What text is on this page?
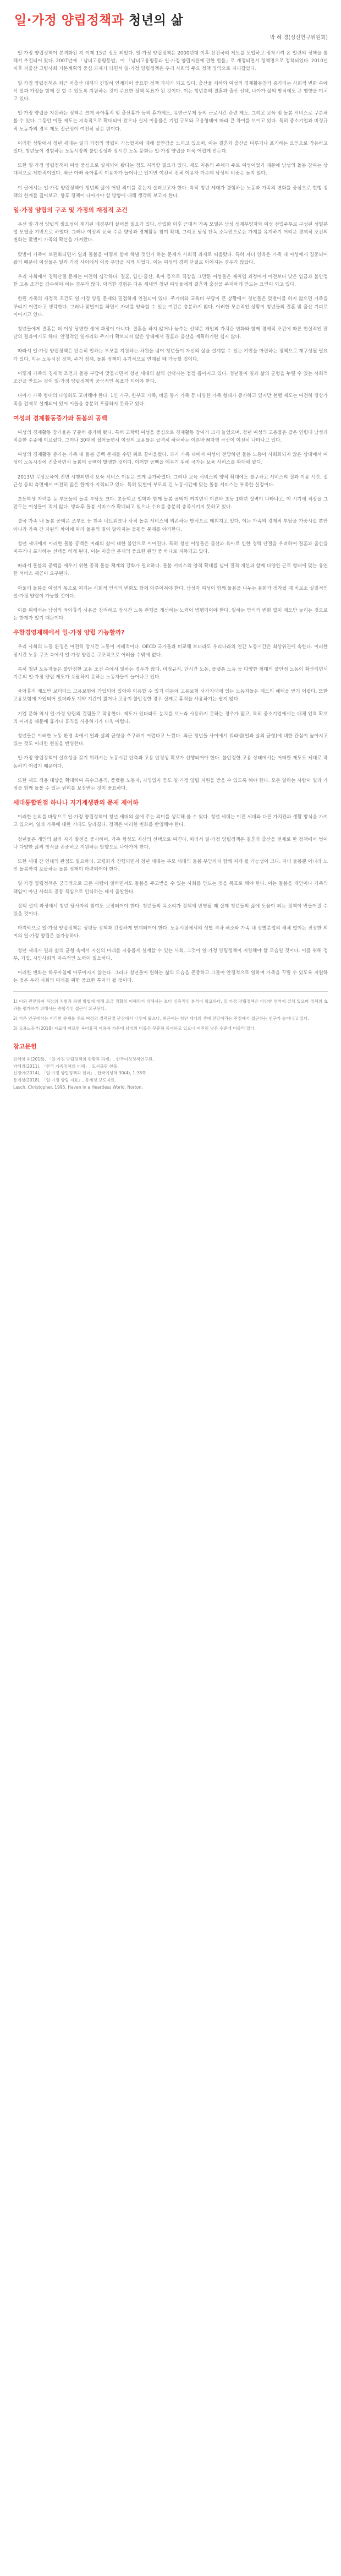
일·가정 양립정책과 청년의 삶
박 혜 경(성신연구위원회)

일·가정 양립정책이 본격화된 지 이제 15년 정도 되었다. 일·가정 양립정책은 2000년대 이후 선진국의 제도를 도입하고 정착시켜 온 일련의 정책을 통해서 추진되어 왔다. 2007년에 「남녀고용평등법」이 「남녀고용평등과 일·가정 양립지원에 관한 법률」로 개정되면서 정책명으로 정착되었다. 2010년 이후 저출산 고령사회 기본계획의 중심 과제가 되면서 일·가정 양립정책은 우리 사회의 주요 정책 영역으로 자리잡았다.

일·가정 양립정책은 최근 저출산 대책과 긴밀히 연계되어 중요한 정책 과제가 되고 있다. 출산율 저하와 여성의 경제활동참가 증가라는 사회적 변화 속에서 일과 가정을 함께 잘 할 수 있도록 지원하는 것이 주요한 정책 목표가 된 것이다. 이는 청년층의 결혼과 출산 선택, 나아가 삶의 방식에도 큰 영향을 미치고 있다.

일·가정 양립을 지원하는 정책은 크게 육아휴직 및 출산휴가 등의 휴가제도, 유연근무제 등의 근로시간 관련 제도, 그리고 보육 및 돌봄 서비스로 구분해 볼 수 있다. 그동안 이들 제도는 지속적으로 확대되어 왔으나 실제 이용률은 기업 규모와 고용형태에 따라 큰 차이를 보이고 있다. 특히 중소기업과 비정규직 노동자의 경우 제도 접근성이 여전히 낮은 편이다.

이러한 상황에서 청년 세대는 일과 가정의 양립이 가능할지에 대해 불안감을 느끼고 있으며, 이는 결혼과 출산을 미루거나 포기하는 요인으로 작용하고 있다. 청년들이 경험하는 노동시장의 불안정성과 장시간 노동 문화는 일·가정 양립을 더욱 어렵게 만든다.

또한 일·가정 양립정책이 여성 중심으로 설계되어 왔다는 점도 지적할 필요가 있다. 제도 이용의 주체가 주로 여성이었기 때문에 남성의 돌봄 참여는 상대적으로 제한적이었다. 최근 아빠 육아휴직 이용자가 늘어나고 있지만 여전히 전체 이용자 가운데 남성의 비중은 높지 않다.

이 글에서는 일·가정 양립정책이 청년의 삶에 어떤 의미를 갖는지 살펴보고자 한다. 특히 청년 세대가 경험하는 노동과 가족의 변화를 중심으로 현행 정책의 한계를 짚어보고, 향후 정책이 나아가야 할 방향에 대해 생각해 보고자 한다.

일·가정 양립의 구조 및 가정의 재정적 조건

우선 일·가정 양립의 필요성이 제기된 배경부터 살펴볼 필요가 있다. 산업화 이후 근대적 가족 모델은 남성 생계부양자와 여성 전업주부로 구성된 성별분업 모델을 기반으로 하였다. 그러나 여성의 교육 수준 향상과 경제활동 참여 확대, 그리고 남성 단독 소득만으로는 가계를 유지하기 어려운 경제적 조건의 변화는 맞벌이 가족의 확산을 가져왔다.

맞벌이 가족이 보편화되면서 일과 돌봄을 어떻게 함께 해낼 것인가 하는 문제가 사회적 과제로 떠올랐다. 특히 자녀 양육은 가족 내 여성에게 집중되어 왔기 때문에 여성들은 일과 가정 사이에서 이중 부담을 지게 되었다. 이는 여성의 경력 단절로 이어지는 경우가 많았다.

우리 사회에서 경력단절 문제는 여전히 심각하다. 결혼, 임신·출산, 육아 등으로 직장을 그만둔 여성들은 재취업 과정에서 이전보다 낮은 임금과 불안정한 고용 조건을 감수해야 하는 경우가 많다. 이러한 경험은 다음 세대인 청년 여성들에게 결혼과 출산을 주저하게 만드는 요인이 되고 있다.

한편 가족의 재정적 조건도 일·가정 양립 문제와 밀접하게 연결되어 있다. 주거비와 교육비 부담이 큰 상황에서 청년들은 맞벌이를 하지 않으면 가족을 꾸리기 어렵다고 생각한다. 그러나 맞벌이를 하면서 자녀를 양육할 수 있는 여건은 충분하지 않다. 이러한 모순적인 상황이 청년들의 결혼 및 출산 기피로 이어지고 있다.

청년들에게 결혼은 더 이상 당연한 생애 과정이 아니다. 결혼을 하지 않거나 늦추는 선택은 개인의 가치관 변화와 함께 경제적 조건에 따른 현실적인 판단의 결과이기도 하다. 안정적인 일자리와 주거가 확보되지 않은 상태에서 결혼과 출산을 계획하기란 쉽지 않다.

따라서 일·가정 양립정책은 단순히 일하는 부모를 지원하는 차원을 넘어 청년들이 자신의 삶을 설계할 수 있는 기반을 마련하는 정책으로 재구성될 필요가 있다. 이는 노동시장 정책, 주거 정책, 돌봄 정책이 유기적으로 연계될 때 가능할 것이다.

이렇게 가족의 경제적 조건과 돌봄 부담이 맞물리면서 청년 세대의 삶의 선택지는 점점 좁아지고 있다. 청년들이 일과 삶의 균형을 누릴 수 있는 사회적 조건을 만드는 것이 일·가정 양립정책의 궁극적인 목표가 되어야 한다.

나아가 가족 형태의 다양화도 고려해야 한다. 1인 가구, 한부모 가족, 비혼 동거 가족 등 다양한 가족 형태가 증가하고 있지만 현행 제도는 여전히 정상가족을 전제로 설계되어 있어 이들을 충분히 포괄하지 못하고 있다.

여성의 경제활동증가와 돌봄의 공백

여성의 경제활동 참가율은 꾸준히 증가해 왔다. 특히 고학력 여성을 중심으로 경제활동 참여가 크게 늘었으며, 청년 여성의 고용률은 같은 연령대 남성과 비슷한 수준에 이르렀다. 그러나 30대에 접어들면서 여성의 고용률은 급격히 하락하는 이른바 M자형 곡선이 여전히 나타나고 있다.

여성의 경제활동 증가는 가족 내 돌봄 공백 문제를 수면 위로 끌어올렸다. 과거 가족 내에서 여성이 전담하던 돌봄 노동이 사회화되지 않은 상태에서 여성이 노동시장에 진출하면서 돌봄의 공백이 발생한 것이다. 이러한 공백을 메우기 위해 국가는 보육 서비스를 확대해 왔다.

2013년 무상보육이 전면 시행되면서 보육 서비스 이용은 크게 증가하였다. 그러나 보육 서비스의 양적 확대에도 불구하고 서비스의 질과 이용 시간, 접근성 등의 측면에서 여전히 많은 한계가 지적되고 있다. 특히 맞벌이 부모의 긴 노동시간에 맞는 돌봄 서비스는 부족한 실정이다.

초등학생 자녀를 둔 부모들의 돌봄 부담도 크다. 초등학교 입학과 함께 돌봄 공백이 커지면서 이른바 초등 1학년 절벽이 나타나고, 이 시기에 직장을 그만두는 여성들이 적지 않다. 방과후 돌봄 서비스가 확대되고 있으나 수요를 충분히 충족시키지 못하고 있다.

결국 가족 내 돌봄 공백은 조부모 등 친족 네트워크나 사적 돌봄 서비스에 의존하는 방식으로 메워지고 있다. 이는 가족의 경제적 부담을 가중시킬 뿐만 아니라 가족 간 자원의 차이에 따라 돌봄의 질이 달라지는 불평등 문제를 야기한다.

청년 세대에게 이러한 돌봄 공백은 미래의 삶에 대한 불안으로 이어진다. 특히 청년 여성들은 출산과 육아로 인한 경력 단절을 우려하여 결혼과 출산을 미루거나 포기하는 선택을 하게 된다. 이는 저출산 문제의 중요한 원인 중 하나로 지목되고 있다.

따라서 돌봄의 공백을 메우기 위한 공적 돌봄 체계의 강화가 필요하다. 돌봄 서비스의 양적 확대를 넘어 질적 개선과 함께 다양한 근로 형태에 맞는 유연한 서비스 제공이 요구된다.

아울러 돌봄을 여성의 몫으로 여기는 사회적 인식의 변화도 함께 이루어져야 한다. 남성과 여성이 함께 돌봄을 나누는 문화가 정착될 때 비로소 실질적인 일·가정 양립이 가능할 것이다.

이를 위해서는 남성의 육아휴직 사용을 장려하고 장시간 노동 관행을 개선하는 노력이 병행되어야 한다. 일하는 방식의 변화 없이 제도만 늘리는 것으로는 한계가 있기 때문이다.

우한경영제해에서 일·가정 양립 가능할까?

우리 사회의 노동 환경은 여전히 장시간 노동이 지배적이다. OECD 국가들과 비교해 보더라도 우리나라의 연간 노동시간은 최상위권에 속한다. 이러한 장시간 노동 구조 속에서 일·가정 양립은 구조적으로 어려울 수밖에 없다.

특히 청년 노동자들은 불안정한 고용 조건 속에서 일하는 경우가 많다. 비정규직, 단시간 노동, 플랫폼 노동 등 다양한 형태의 불안정 노동이 확산되면서 기존의 일·가정 양립 제도가 포괄하지 못하는 노동자들이 늘어나고 있다.

육아휴직 제도만 보더라도 고용보험에 가입되어 있어야 이용할 수 있기 때문에 고용보험 사각지대에 있는 노동자들은 제도의 혜택을 받기 어렵다. 또한 고용보험에 가입되어 있더라도 계약 기간이 짧거나 고용이 불안정한 경우 실제로 휴직을 사용하기는 쉽지 않다.

기업 문화 역시 일·가정 양립의 걸림돌로 작용한다. 제도가 있더라도 눈치를 보느라 사용하지 못하는 경우가 많고, 특히 중소기업에서는 대체 인력 확보의 어려움 때문에 휴가나 휴직을 사용하기가 더욱 어렵다.

청년들은 이러한 노동 환경 속에서 일과 삶의 균형을 추구하기 어렵다고 느낀다. 최근 청년들 사이에서 워라밸(일과 삶의 균형)에 대한 관심이 높아지고 있는 것도 이러한 현실을 반영한다.

일·가정 양립정책이 실효성을 갖기 위해서는 노동시간 단축과 고용 안정성 확보가 선행되어야 한다. 불안정한 고용 상태에서는 어떠한 제도도 제대로 작동하기 어렵기 때문이다.

또한 제도 적용 대상을 확대하여 특수고용직, 플랫폼 노동자, 자영업자 등도 일·가정 양립 지원을 받을 수 있도록 해야 한다. 모든 일하는 사람이 일과 가정을 함께 돌볼 수 있는 권리를 보장받는 것이 중요하다.

세대통합관점 하나나 지기계생관의 문제 제어하

이러한 논의를 바탕으로 일·가정 양립정책이 청년 세대의 삶에 주는 의미를 생각해 볼 수 있다. 청년 세대는 이전 세대와 다른 가치관과 생활 방식을 가지고 있으며, 일과 가족에 대한 기대도 달라졌다. 정책은 이러한 변화를 반영해야 한다.

청년들은 개인의 삶과 자기 발전을 중시하며, 가족 형성도 자신의 선택으로 여긴다. 따라서 일·가정 양립정책은 결혼과 출산을 전제로 한 정책에서 벗어나 다양한 삶의 방식을 존중하고 지원하는 방향으로 나아가야 한다.

또한 세대 간 연대의 관점도 필요하다. 고령화가 진행되면서 청년 세대는 부모 세대의 돌봄 부담까지 함께 지게 될 가능성이 크다. 자녀 돌봄뿐 아니라 노인 돌봄까지 포괄하는 돌봄 정책이 마련되어야 한다.

일·가정 양립정책은 궁극적으로 모든 사람이 일하면서도 돌봄을 주고받을 수 있는 사회를 만드는 것을 목표로 해야 한다. 이는 돌봄을 개인이나 가족의 책임이 아닌 사회의 공동 책임으로 인식하는 데서 출발한다.

정책 설계 과정에서 청년 당사자의 참여도 보장되어야 한다. 청년들의 목소리가 정책에 반영될 때 실제 청년들의 삶에 도움이 되는 정책이 만들어질 수 있을 것이다.

마지막으로 일·가정 양립정책은 성평등 정책과 긴밀하게 연계되어야 한다. 노동시장에서의 성별 격차 해소와 가족 내 성별분업의 해체 없이는 진정한 의미의 일·가정 양립은 불가능하다.

청년 세대가 일과 삶의 균형 속에서 자신의 미래를 자유롭게 설계할 수 있는 사회, 그것이 일·가정 양립정책이 지향해야 할 모습일 것이다. 이를 위해 정부, 기업, 시민사회의 지속적인 노력이 필요하다.

이러한 변화는 하루아침에 이루어지지 않는다. 그러나 청년들이 원하는 삶의 모습을 존중하고 그들이 안정적으로 일하며 가족을 꾸릴 수 있도록 지원하는 것은 우리 사회의 미래를 위한 중요한 투자가 될 것이다.

1) 이와 관련하여 직장의 처벌과 처벌 방법에 대해 조금 정확히 이해하기 위해서는 보다 심층적인 분석이 필요하다. 일·가정 양립정책은 다양한 영역에 걸쳐 있으며 정책의 효과를 평가하기 위해서는 종합적인 접근이 요구된다.

2) 기존 연구에서는 이러한 문제를 주로 여성의 경력단절 관점에서 다루어 왔으나, 최근에는 청년 세대의 생애 전망이라는 관점에서 접근하는 연구가 늘어나고 있다.

3) 고용노동부(2018) 자료에 따르면 육아휴직 이용자 가운데 남성의 비중은 꾸준히 증가하고 있으나 여전히 낮은 수준에 머물러 있다.

참고문헌

김혜영 외(2016), 「일·가정 양립정책의 현황과 과제」, 한국여성정책연구원.

박혜경(2011), 「한국 가족정책의 이해」, 도서출판 한울.

신경아(2014), 「일·가정 양립정책과 젠더」, 한국여성학 30(4), 1-38쪽.

통계청(2018), 「일·가정 양립 지표」, 통계청 보도자료.

Lasch, Christopher. 1995. Haven in a Heartless World. Norton.
